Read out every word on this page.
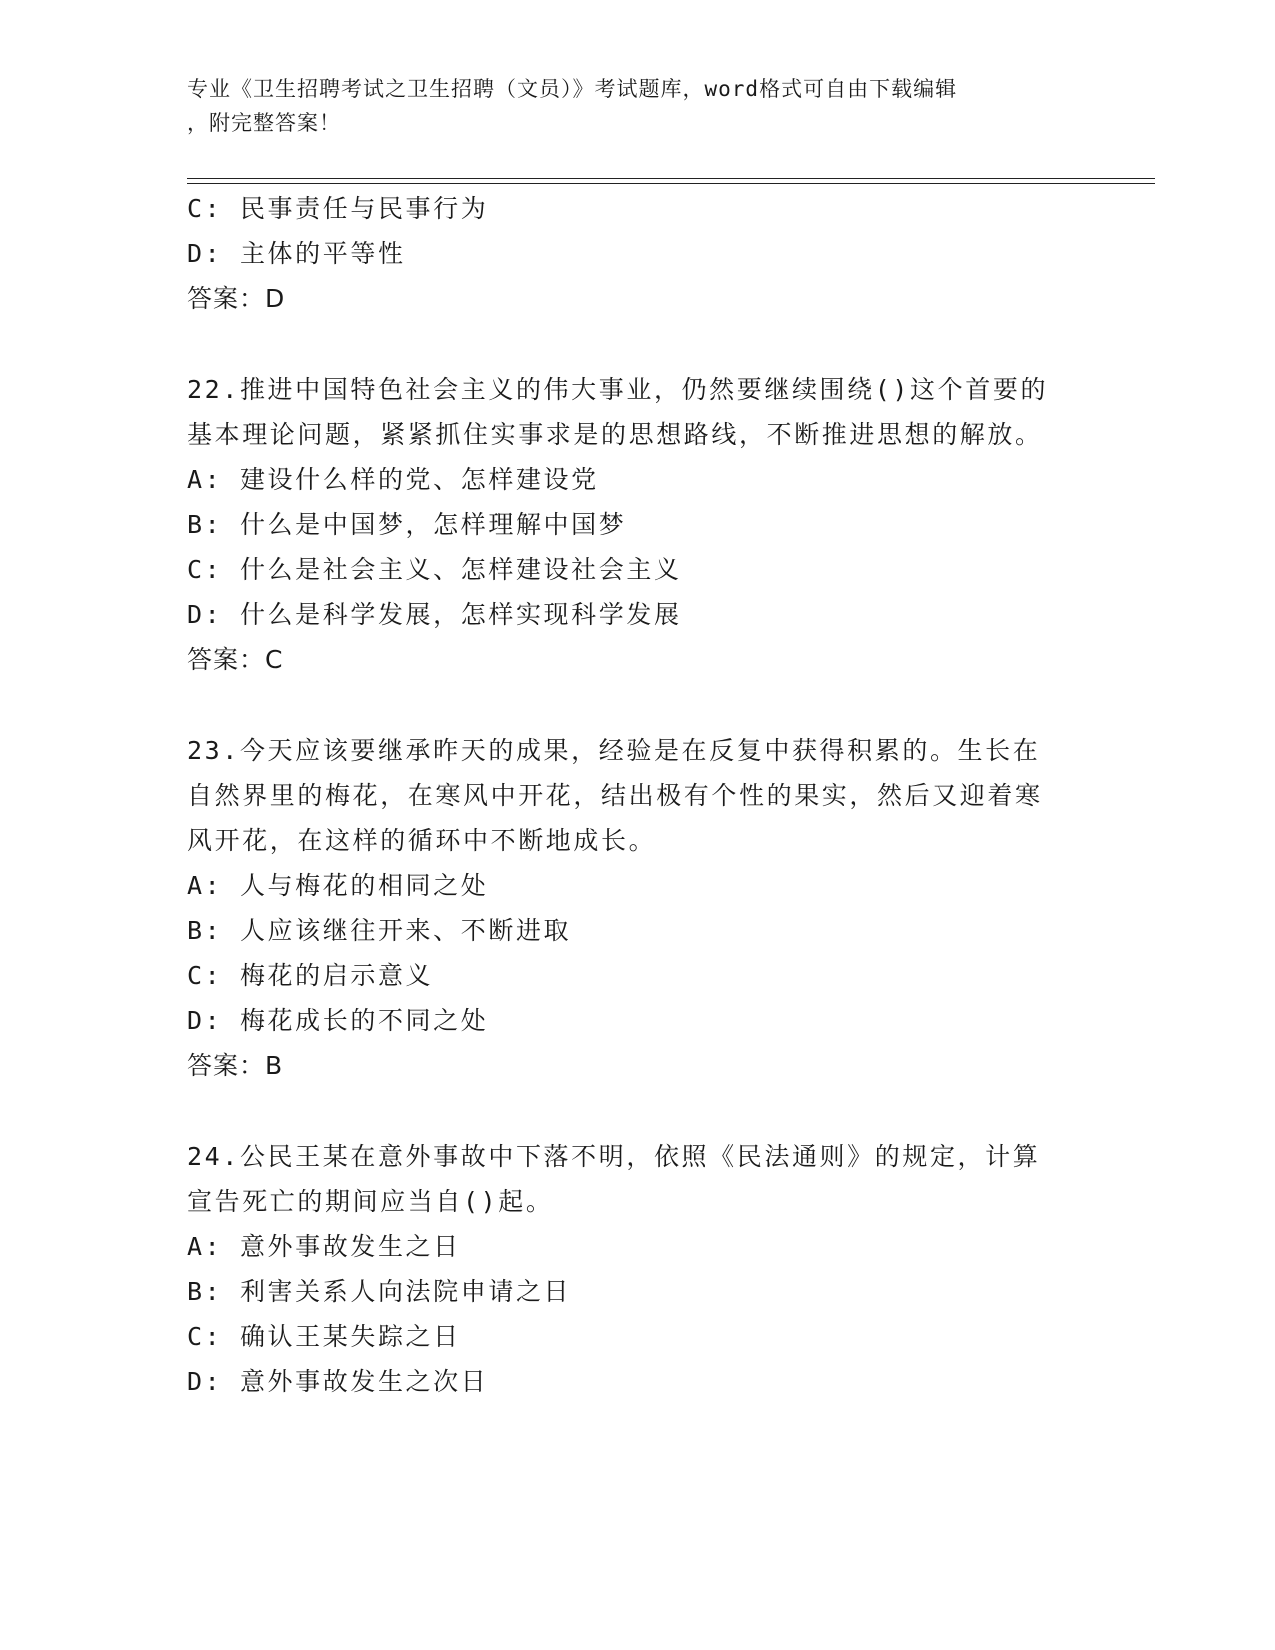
专业《卫生招聘考试之卫生招聘（文员）》考试题库，word格式可自由下载编辑
，附完整答案！

C: 民事责任与民事行为

D: 主体的平等性

答案：D

22.推进中国特色社会主义的伟大事业，仍然要继续围绕()这个首要的基本理论问题，紧紧抓住实事求是的思想路线，不断推进思想的解放。

A: 建设什么样的党、怎样建设党

B: 什么是中国梦，怎样理解中国梦

C: 什么是社会主义、怎样建设社会主义

D: 什么是科学发展，怎样实现科学发展

答案：C

23.今天应该要继承昨天的成果，经验是在反复中获得积累的。生长在自然界里的梅花，在寒风中开花，结出极有个性的果实，然后又迎着寒风开花，在这样的循环中不断地成长。

A: 人与梅花的相同之处

B: 人应该继往开来、不断进取

C: 梅花的启示意义

D: 梅花成长的不同之处

答案：B

24.公民王某在意外事故中下落不明，依照《民法通则》的规定，计算宣告死亡的期间应当自()起。

A: 意外事故发生之日

B: 利害关系人向法院申请之日

C: 确认王某失踪之日

D: 意外事故发生之次日
